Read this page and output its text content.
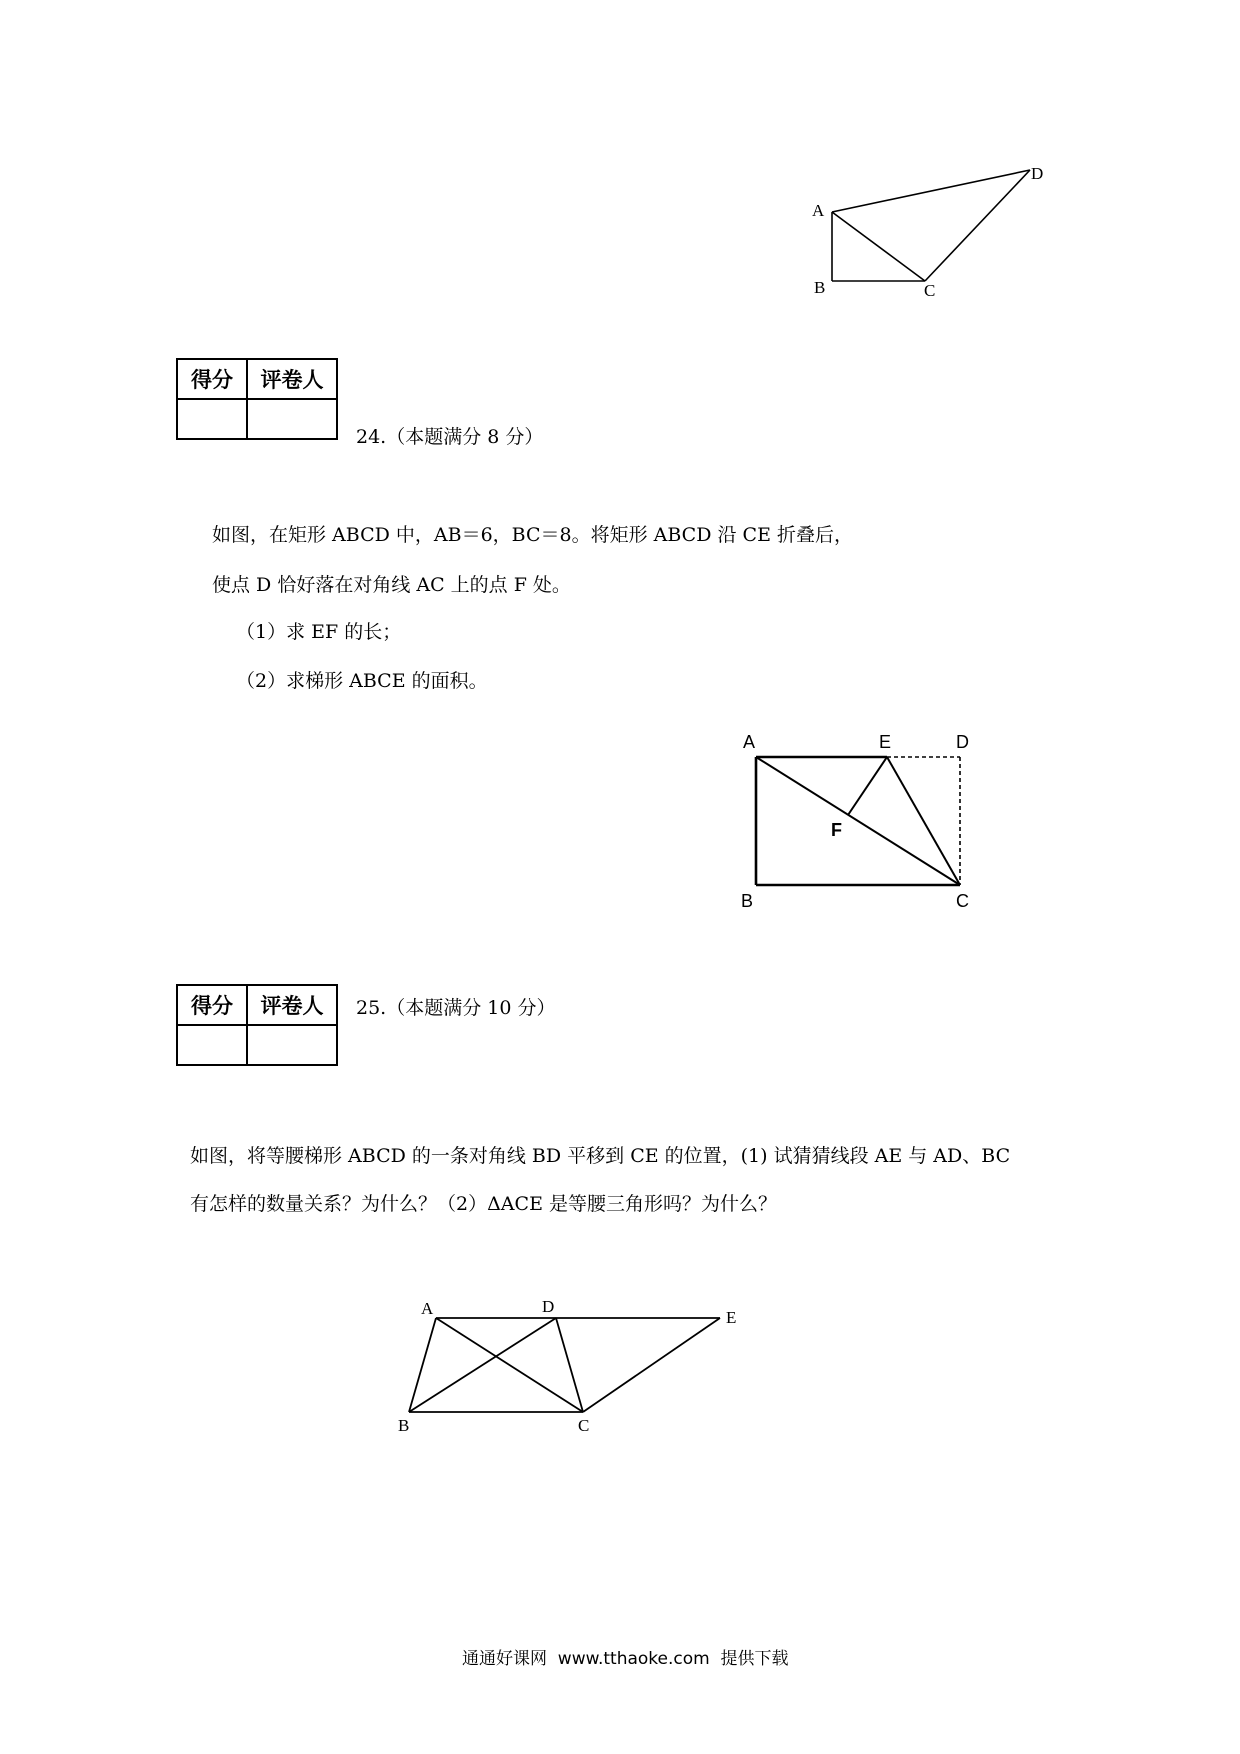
A
B	C
D
得分	评卷人

24.（本题满分 8 分）
如图，在矩形 ABCD 中，AB＝6，BC＝8。将矩形 ABCD 沿 CE 折叠后，
使点 D 恰好落在对角线 AC 上的点 F 处。
（1）求 EF 的长；
（2）求梯形 ABCE 的面积。
A	E	D
F
B	C
得分	评卷人
	25.（本题满分 10 分）
如图，将等腰梯形 ABCD 的一条对角线 BD 平移到 CE 的位置，(1) 试猜猜线段 AE 与 AD、BC
有怎样的数量关系？为什么？（2）ΔACE 是等腰三角形吗？为什么？
A	D
E
B	C
通通好课网  www.tthaoke.com  提供下载
